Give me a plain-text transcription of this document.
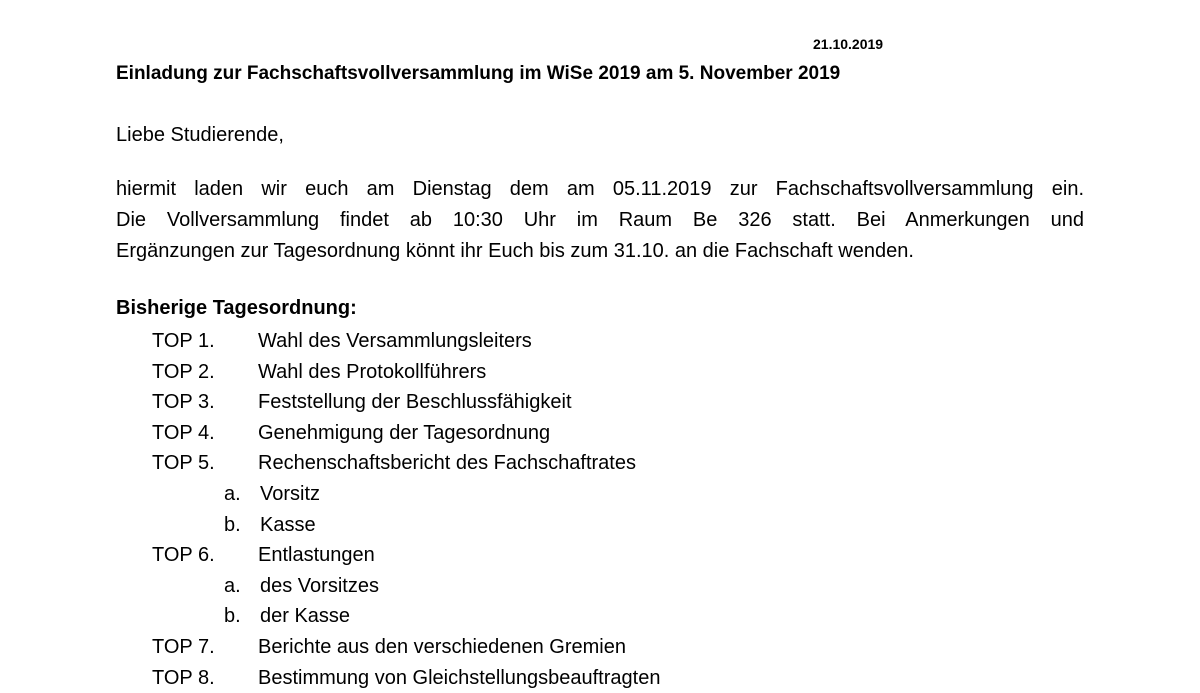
21.10.2019
Einladung zur Fachschaftsvollversammlung im WiSe 2019 am 5. November 2019
Liebe Studierende,
hiermit laden wir euch am Dienstag dem am 05.11.2019 zur Fachschaftsvollversammlung ein.
Die Vollversammlung findet ab 10:30 Uhr im Raum Be 326 statt. Bei Anmerkungen und
Ergänzungen zur Tagesordnung könnt ihr Euch bis zum 31.10. an die Fachschaft wenden.
Bisherige Tagesordnung:
TOP 1. Wahl des Versammlungsleiters
TOP 2. Wahl des Protokollführers
TOP 3. Feststellung der Beschlussfähigkeit
TOP 4. Genehmigung der Tagesordnung
TOP 5. Rechenschaftsbericht des Fachschaftrates
a. Vorsitz
b. Kasse
TOP 6. Entlastungen
a. des Vorsitzes
b. der Kasse
TOP 7. Berichte aus den verschiedenen Gremien
TOP 8. Bestimmung von Gleichstellungsbeauftragten
